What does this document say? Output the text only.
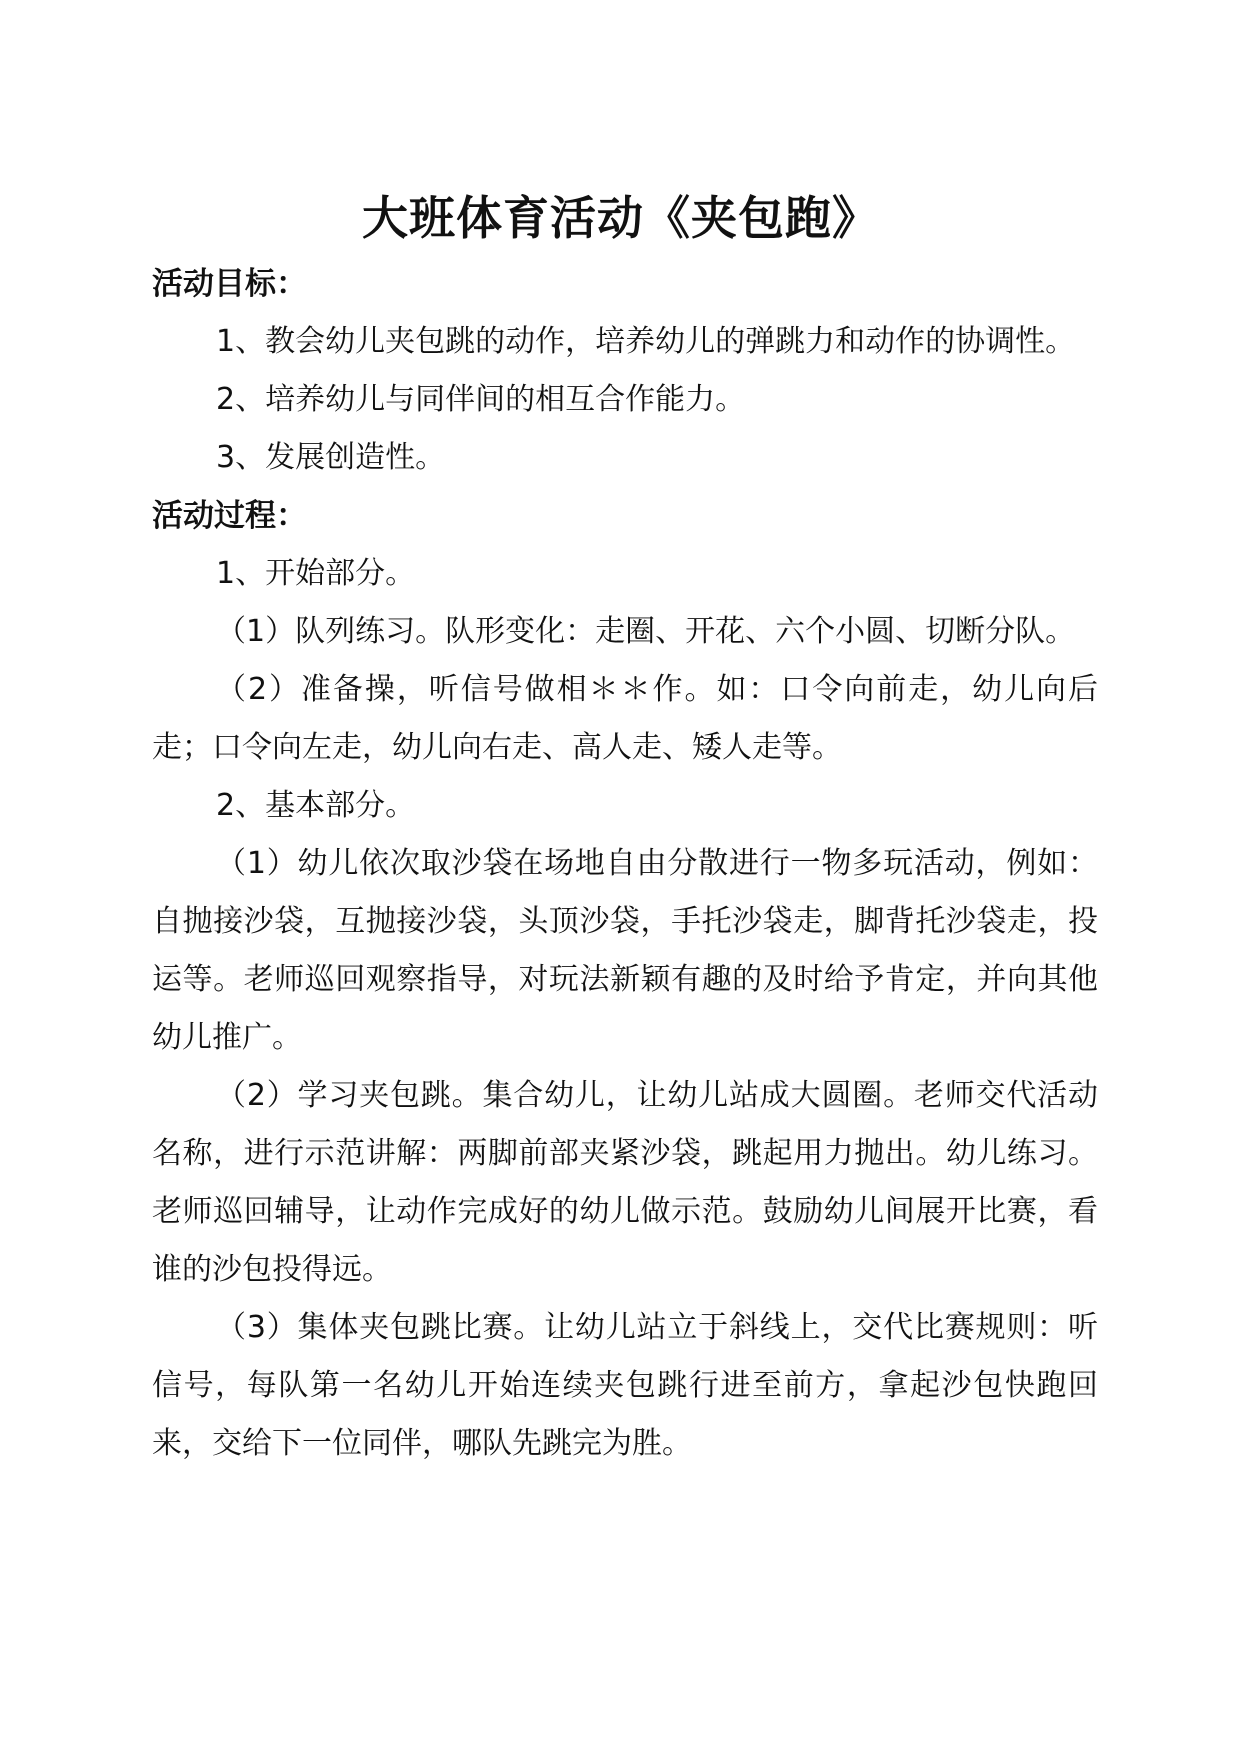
大班体育活动《夹包跑》
活动目标：

1、教会幼儿夹包跳的动作，培养幼儿的弹跳力和动作的协调性。

2、培养幼儿与同伴间的相互合作能力。

3、发展创造性。

活动过程：

1、开始部分。

（1）队列练习。队形变化：走圈、开花、六个小圆、切断分队。

（2）准备操，听信号做相＊＊作。如：口令向前走，幼儿向后走；口令向左走，幼儿向右走、高人走、矮人走等。

2、基本部分。

（1）幼儿依次取沙袋在场地自由分散进行一物多玩活动，例如：自抛接沙袋，互抛接沙袋，头顶沙袋，手托沙袋走，脚背托沙袋走，投运等。老师巡回观察指导，对玩法新颖有趣的及时给予肯定，并向其他幼儿推广。

（2）学习夹包跳。集合幼儿，让幼儿站成大圆圈。老师交代活动名称，进行示范讲解：两脚前部夹紧沙袋，跳起用力抛出。幼儿练习。老师巡回辅导，让动作完成好的幼儿做示范。鼓励幼儿间展开比赛，看谁的沙包投得远。

（3）集体夹包跳比赛。让幼儿站立于斜线上，交代比赛规则：听信号，每队第一名幼儿开始连续夹包跳行进至前方，拿起沙包快跑回来，交给下一位同伴，哪队先跳完为胜。
